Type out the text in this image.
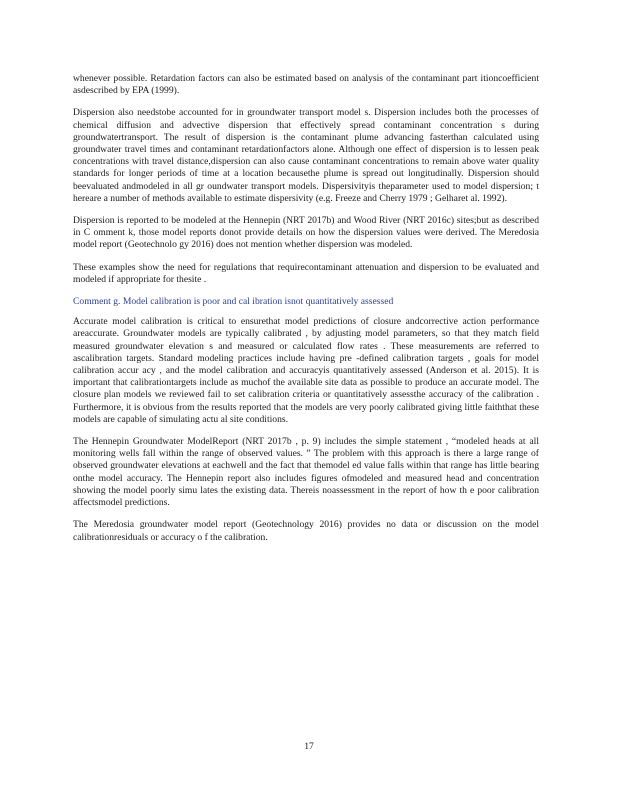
whenever possible. Retardation factors can also be estimated based on analysis of the contaminant part itioncoefficient asdescribed by EPA (1999).

Dispersion also needstobe accounted for in groundwater transport model s. Dispersion includes both the processes of chemical diffusion and advective dispersion that effectively spread contaminant concentration s during groundwatertransport. The result of dispersion is the contaminant plume advancing fasterthan calculated using groundwater travel times and contaminant retardationfactors alone. Although one effect of dispersion is to lessen peak concentrations with travel distance,dispersion can also cause contaminant concentrations to remain above water quality standards for longer periods of time at a location becausethe plume is spread out longitudinally. Dispersion should beevaluated andmodeled in all gr oundwater transport models. Dispersivityis theparameter used to model dispersion; t hereare a number of methods available to estimate dispersivity (e.g. Freeze and Cherry 1979 ; Gelharet al. 1992).

Dispersion is reported to be modeled at the Hennepin (NRT 2017b) and Wood River (NRT 2016c) sites;but as described in C omment k, those model reports donot provide details on how the dispersion values were derived. The Meredosia model report (Geotechnolo gy 2016) does not mention whether dispersion was modeled.

These examples show the need for regulations that requirecontaminant attenuation and dispersion to be evaluated and modeled if appropriate for thesite .

Comment g. Model calibration is poor and cal ibration isnot quantitatively assessed

Accurate model calibration is critical to ensurethat model predictions of closure andcorrective action performance areaccurate. Groundwater models are typically calibrated , by adjusting model parameters, so that they match field measured groundwater elevation s and measured or calculated flow rates . These measurements are referred to ascalibration targets. Standard modeling practices include having pre -defined calibration targets , goals for model calibration accur acy , and the model calibration and accuracyis quantitatively assessed (Anderson et al. 2015). It is important that calibrationtargets include as muchof the available site data as possible to produce an accurate model. The closure plan models we reviewed fail to set calibration criteria or quantitatively assessthe accuracy of the calibration . Furthermore, it is obvious from the results reported that the models are very poorly calibrated giving little faiththat these models are capable of simulating actu al site conditions.

The Hennepin Groundwater ModelReport (NRT 2017b , p. 9) includes the simple statement , “modeled heads at all monitoring wells fall within the range of observed values. ” The problem with this approach is there a large range of observed groundwater elevations at eachwell and the fact that themodel ed value falls within that range has little bearing onthe model accuracy. The Hennepin report also includes figures ofmodeled and measured head and concentration showing the model poorly simu lates the existing data. Thereis noassessment in the report of how th e poor calibration affectsmodel predictions.

The Meredosia groundwater model report (Geotechnology 2016) provides no data or discussion on the model calibrationresiduals or accuracy o f the calibration.

17
